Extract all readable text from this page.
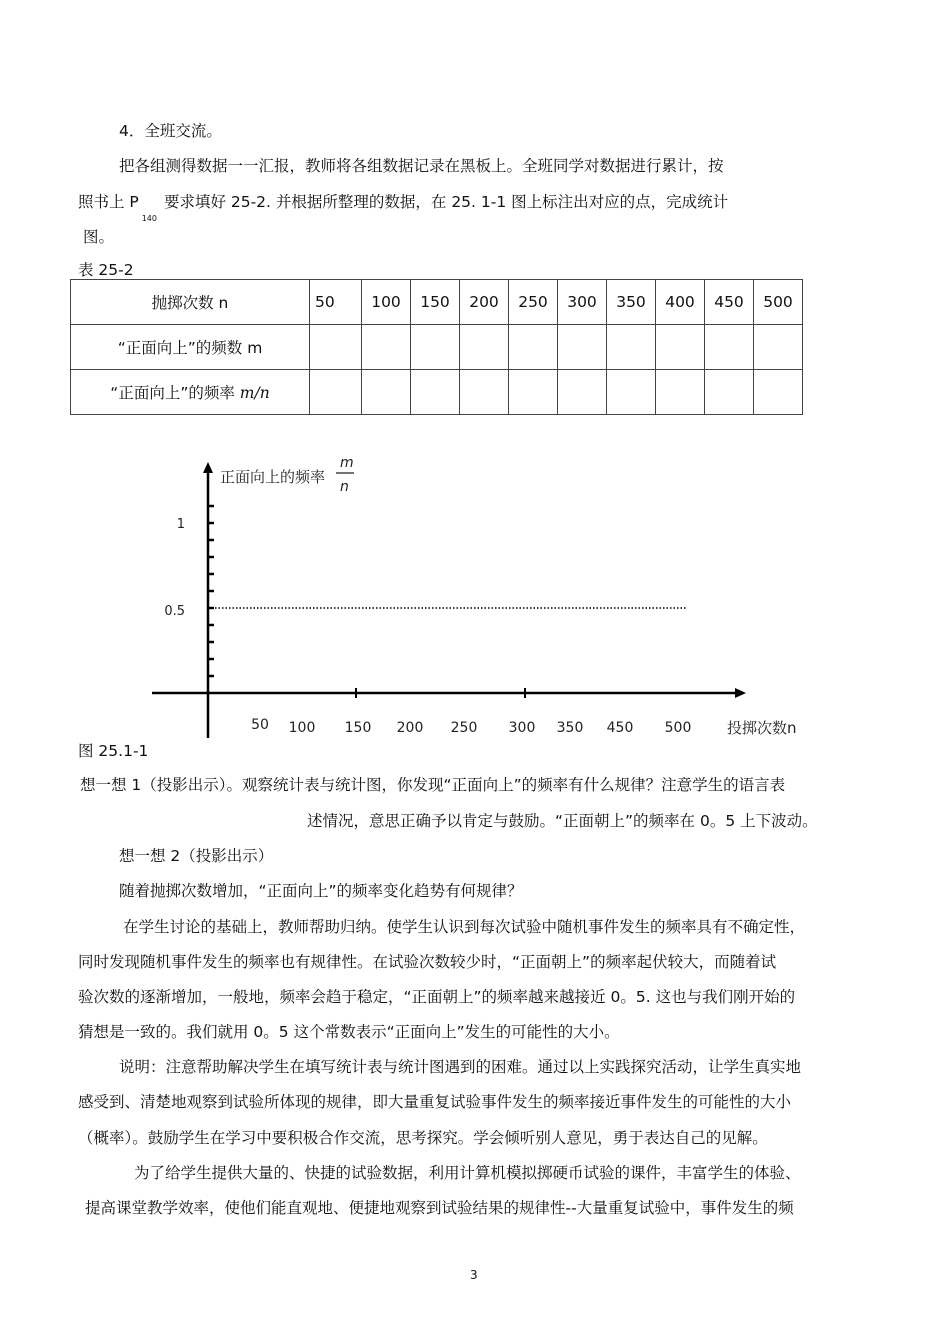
4．全班交流。
把各组测得数据一一汇报，教师将各组数据记录在黑板上。全班同学对数据进行累计，按
照书上 P $_{140}$ 要求填好 25-2. 并根据所整理的数据，在 25. 1-1 图上标注出对应的点，完成统计
图。
表 25-2
抛掷次数 n	50	100	150	200	250	300	350	400	450	500
“正面向上”的频数 m										
“正面向上”的频率 m/n										
正面向上的频率
m
n
1
0.5
投掷次数n
50 100 150 200 250 300 350 450 500
图 25.1-1
想一想 1（投影出示）。观察统计表与统计图，你发现“正面向上”的频率有什么规律？注意学生的语言表
述情况，意思正确予以肯定与鼓励。“正面朝上”的频率在 0。5 上下波动。
想一想 2（投影出示）
随着抛掷次数增加，“正面向上”的频率变化趋势有何规律？
在学生讨论的基础上，教师帮助归纳。使学生认识到每次试验中随机事件发生的频率具有不确定性，
同时发现随机事件发生的频率也有规律性。在试验次数较少时，“正面朝上”的频率起伏较大，而随着试
验次数的逐渐增加，一般地，频率会趋于稳定，“正面朝上”的频率越来越接近 0。5. 这也与我们刚开始的
猜想是一致的。我们就用 0。5 这个常数表示“正面向上”发生的可能性的大小。
说明：注意帮助解决学生在填写统计表与统计图遇到的困难。通过以上实践探究活动，让学生真实地
感受到、清楚地观察到试验所体现的规律，即大量重复试验事件发生的频率接近事件发生的可能性的大小
（概率）。鼓励学生在学习中要积极合作交流，思考探究。学会倾听别人意见，勇于表达自己的见解。
为了给学生提供大量的、快捷的试验数据，利用计算机模拟掷硬币试验的课件，丰富学生的体验、
提高课堂教学效率，使他们能直观地、便捷地观察到试验结果的规律性--大量重复试验中，事件发生的频
3
